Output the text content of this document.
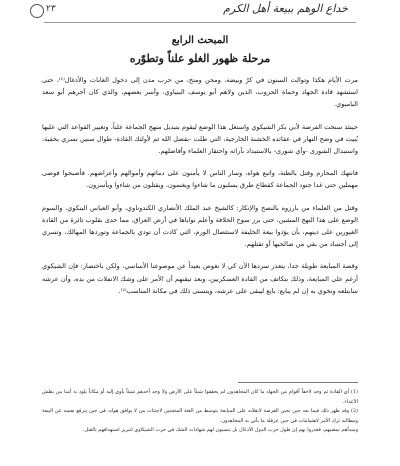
٢٣	خداع الوهم ببيعة أهل الكرم
المبحث الرابع
مرحلة ظهور الغلو علناً وتطوّره

مرت الأيام هكذا وتوالت السنون في كرّ وبيضة، ومحن ومنح، من حرب مدن إلى دخول الغابات والأدغال⁽¹⁾، حتى استشهد قادة الجهاد وحماة الحروب، الذين ولاهم أبو يوسف البنياوي، وأسر بعضهم، والذي كان آخرهم أبو سعد البامبوي.

حينئذ سنحت الفرصة لأبي بكر الشيكوي واستغل هذا الوضع ليقوم بتبديل منهج الجماعة علناً، وتغيير القواعد التي عليها بُنيت في وضح النهار في عقائده الخشنة الخارجية، التي طلت -بفضل الله ثم لأولئك القادة- طوال سنين تسري بخفية، واستبدال الشورى -وأي شورى- بالاستبداد بآرائه واحتقار العلماء وأفاضلهم.

فانتهك المحارم وقتل بالظنة، واتبع هواه، وسار الناس لا يأمنون على دمائهم وأموالهم وأعراضهم. فأصبحوا فوضى مهملين حتى غدا جنود الجماعة كقطاع طرق يسلبون ما شاءوا ويغنمون، ويقتلون من شاءوا ويأسرون.

وقتل من العلماء من بارزوه بالنصح والإنكار: كالشيخ عبد الملك الأنصاري الكندوناوي، وأبو العباس البنكوي، والسوم الوضع على هذا النهج المشين، حتى برز سوح الخلافة وأعلم نواياها في أرض العراق، مما حدى بقلوب ثائرة من القادة الغيورين على دينهم، بأن يؤدوا بيعة الخليفة لاستئصال الورم، التي كادت أن تودي بالجماعة وتوردها المهالك، وتسري إلى أجساد من بقي من صالحيها أو تقتلهم.

وقصة المبايعة طويلة جدا، يتعذر سردها الآن كي لا نغوص بعيداً عن موضوعنا الأساسي، ولكن باختصار: فإن الشيكوي أرغم على المبايعة، وذلك بتكاتف من القادة العسكريين، وبعد تيقنهم أن الأمر على وشك الانفلات من يده، وأن عرشه سابتلعه وتخوي به إن لم يبايع: بايع ليبقى على عرشه، ويتسنى ذلك في مكانة المناسب⁽²⁾.

(1) أي القادة ثم وجد لاحقاً أقوام من الجهاد ما كان المجاهدون لم يحققوا شيئاً على الأرض ولا وجد أحدهم شيئاً يأوي إليه أو مكاناً يلوذ به أمنا من بطش الأعداء.

(2) وقد ظهر ذلك فيما بعد حين تحين الفرصة لانقلابه على المبايعة بتوسط من الفئة المتعنتين لاجتثاث من لا يوافق هواه، في حين يترفع نفسه عن البيعة ومطالبه ترك الأمر لاهتمامات في حين عرقلة ما يأتي به المجاهدون.

ومبدأهم بمضيهم، فغدروا بهم إن طول حرب الدول الأدغال بل ينسبون لهم شهادات الشك في حرب الشيكاوي لتبرير استهدافهم بالقتل.
